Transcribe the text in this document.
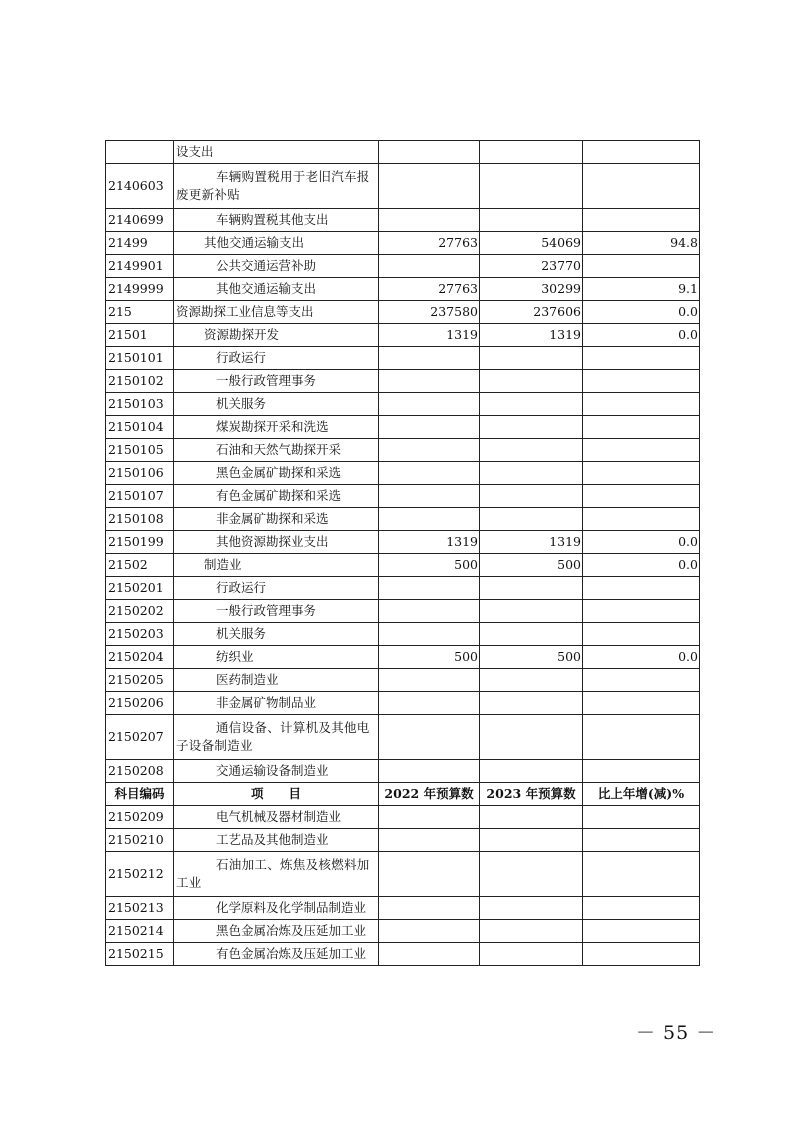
	设支出			
2140603	车辆购置税用于老旧汽车报废更新补贴			
2140699	车辆购置税其他支出			
21499	其他交通运输支出	27763	54069	94.8
2149901	公共交通运营补助		23770	
2149999	其他交通运输支出	27763	30299	9.1
215	资源勘探工业信息等支出	237580	237606	0.0
21501	资源勘探开发	1319	1319	0.0
2150101	行政运行			
2150102	一般行政管理事务			
2150103	机关服务			
2150104	煤炭勘探开采和洗选			
2150105	石油和天然气勘探开采			
2150106	黑色金属矿勘探和采选			
2150107	有色金属矿勘探和采选			
2150108	非金属矿勘探和采选			
2150199	其他资源勘探业支出	1319	1319	0.0
21502	制造业	500	500	0.0
2150201	行政运行			
2150202	一般行政管理事务			
2150203	机关服务			
2150204	纺织业	500	500	0.0
2150205	医药制造业			
2150206	非金属矿物制品业			
2150207	通信设备、计算机及其他电子设备制造业			
2150208	交通运输设备制造业			
科目编码	项　　目	2022 年预算数	2023 年预算数	比上年增(减)%
2150209	电气机械及器材制造业			
2150210	工艺品及其他制造业			
2150212	石油加工、炼焦及核燃料加工业			
2150213	化学原料及化学制品制造业			
2150214	黑色金属冶炼及压延加工业			
2150215	有色金属冶炼及压延加工业			
－ 55 －
